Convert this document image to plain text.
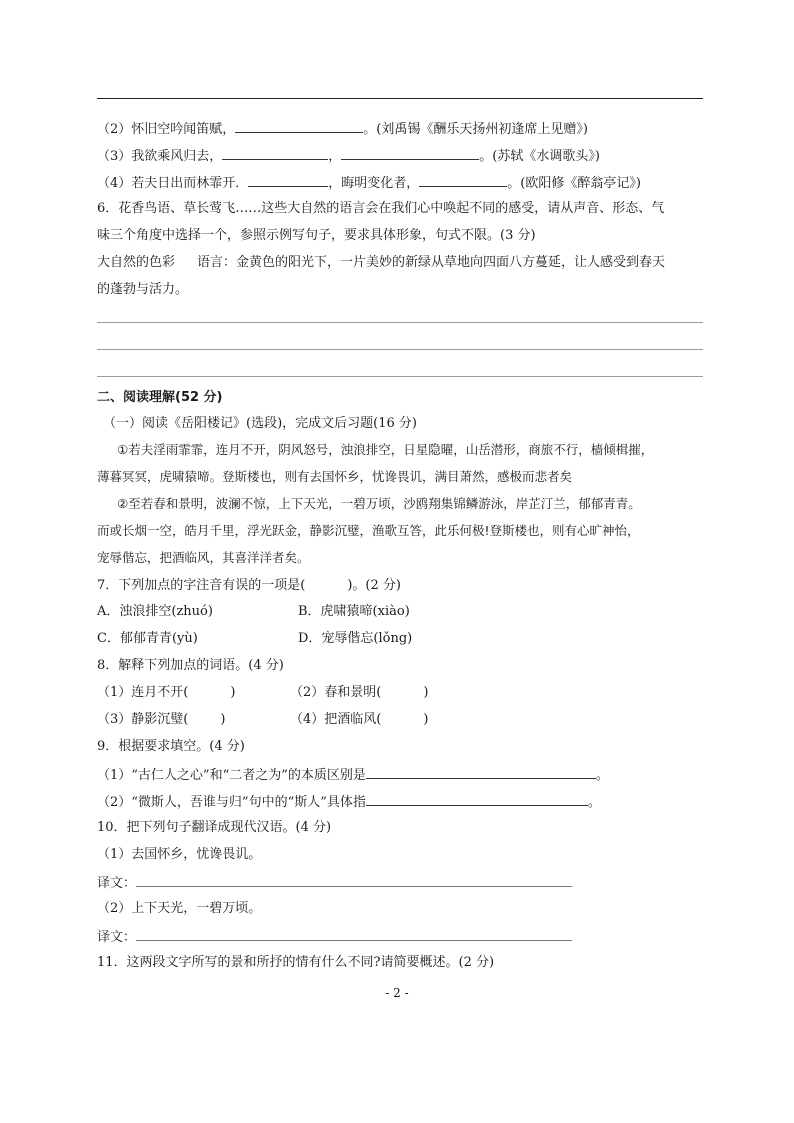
（2）怀旧空吟闻笛赋，	。(刘禹锡《酬乐天扬州初逢席上见赠》)
（3）我欲乘风归去，	，	。(苏轼《水调歌头》)
（4）若夫日出而林霏开．	，晦明变化者，	。(欧阳修《醉翁亭记》)
6．花香鸟语、草长莺飞……这些大自然的语言会在我们心中唤起不同的感受，请从声音、形态、气
味三个角度中选择一个，参照示例写句子，要求具体形象，句式不限。(3 分)
大自然的色彩 语言：金黄色的阳光下，一片美妙的新绿从草地向四面八方蔓延，让人感受到春天
的蓬勃与活力。
二、阅读理解(52 分)
（一）阅读《岳阳楼记》(选段)，完成文后习题(16 分)
①若夫淫雨霏霏，连月不开，阴风怒号，浊浪排空，日星隐曜，山岳潜形，商旅不行，樯倾楫摧，
薄暮冥冥，虎啸猿啼。登斯楼也，则有去国怀乡，忧谗畏讥，满目萧然，感极而悲者矣
②至若春和景明，波澜不惊，上下天光，一碧万顷，沙鸥翔集锦鳞游泳，岸芷汀兰，郁郁青青。
而或长烟一空，皓月千里，浮光跃金，静影沉璧，渔歌互答，此乐何极!登斯楼也，则有心旷神怡，
宠辱偕忘，把酒临风，其喜洋洋者矣。
7．下列加点的字注音有误的一项是(	)。(2 分)
A．浊浪排空(zhuó)	B．虎啸猿啼(xiào)
C．郁郁青青(yù)	D．宠辱偕忘(lǒng)
8．解释下列加点的词语。(4 分)
（1）连月不开(	)	（2）春和景明(	)
（3）静影沉璧( )	（4）把酒临风(	)
9．根据要求填空。(4 分)
（1）“古仁人之心”和“二者之为”的本质区别是	。
（2）“微斯人，吾谁与归”句中的“斯人”具体指	。
10．把下列句子翻译成现代汉语。(4 分)
（1）去国怀乡，忧谗畏讥。
译文：
（2）上下天光，一碧万顷。
译文：
11．这两段文字所写的景和所抒的情有什么不同?请简要概述。(2 分)
- 2 -
